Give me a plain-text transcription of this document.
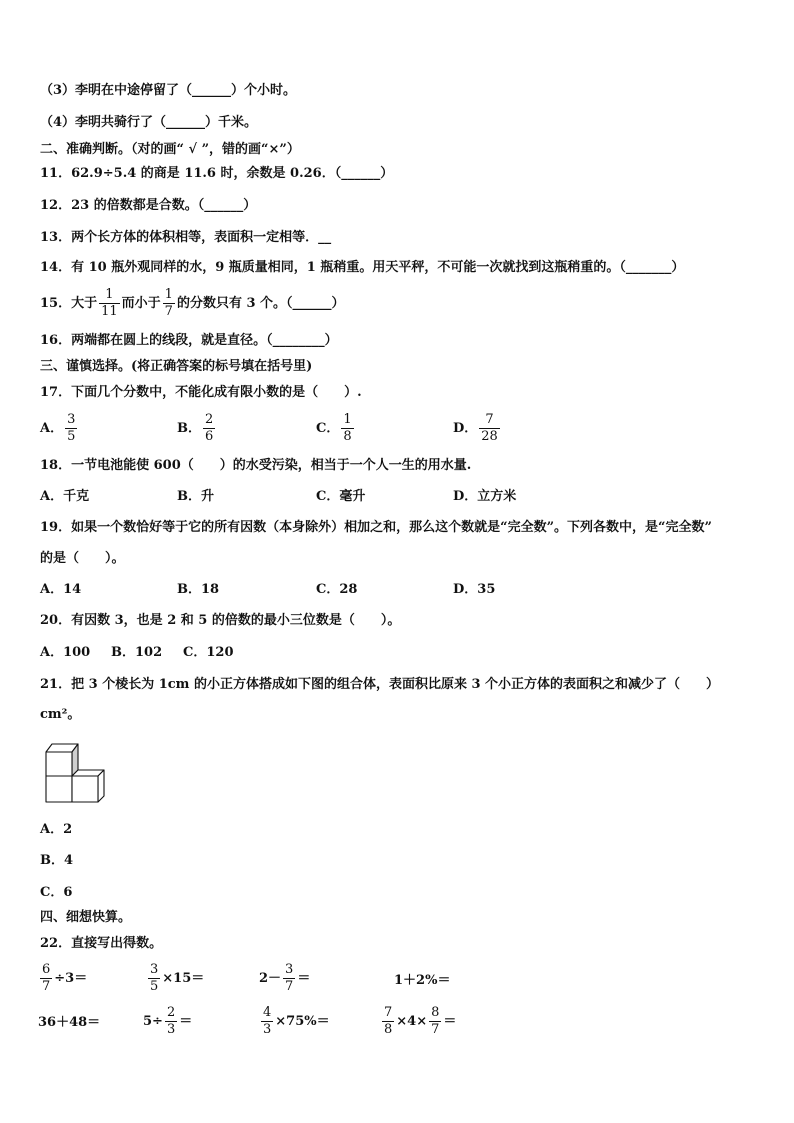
（3）李明在中途停留了（______）个小时。
（4）李明共骑行了（______）千米。
二、准确判断。（对的画“ √ ”，错的画“×”）
11．62.9÷5.4 的商是 11.6 时，余数是 0.26．（______）
12．23 的倍数都是合数。（______）
13．两个长方体的体积相等，表面积一定相等．__
14．有 10 瓶外观同样的水，9 瓶质量相同，1 瓶稍重。用天平秤，不可能一次就找到这瓶稍重的。（_______）
15．大于 $\frac{1}{11}$ 而小于 $\frac{1}{7}$ 的分数只有 3 个。（______）
16．两端都在圆上的线段，就是直径。（________）
三、谨慎选择。(将正确答案的标号填在括号里)
17．下面几个分数中，不能化成有限小数的是（　　）.
A． $\frac{3}{5}$	B． $\frac{2}{6}$	C． $\frac{1}{8}$	D． $\frac{7}{28}$
18．一节电池能使 600（　　）的水受污染，相当于一个人一生的用水量.
A．千克	B．升	C．毫升	D．立方米
19．如果一个数恰好等于它的所有因数（本身除外）相加之和，那么这个数就是“完全数”。下列各数中，是“完全数”
的是（　　）。
A．14	B．18	C．28	D．35
20．有因数 3，也是 2 和 5 的倍数的最小三位数是（　　）。
A．100 B．102 C．120
21．把 3 个棱长为 1cm 的小正方体搭成如下图的组合体，表面积比原来 3 个小正方体的表面积之和减少了（　　）
cm²。
A．2
B．4
C．6
四、细想快算。
22．直接写出得数。
$\frac{6}{7} \div 3=$	$\frac{3}{5} \times 15=$	$2- \frac{3}{7}$ ＝	1＋2%＝
36＋48＝	$5\div \frac{2}{3}$ ＝	$\frac{4}{3} \times 75\%=$	$\frac{7}{8} \times 4\times \frac{8}{7}$ ＝
